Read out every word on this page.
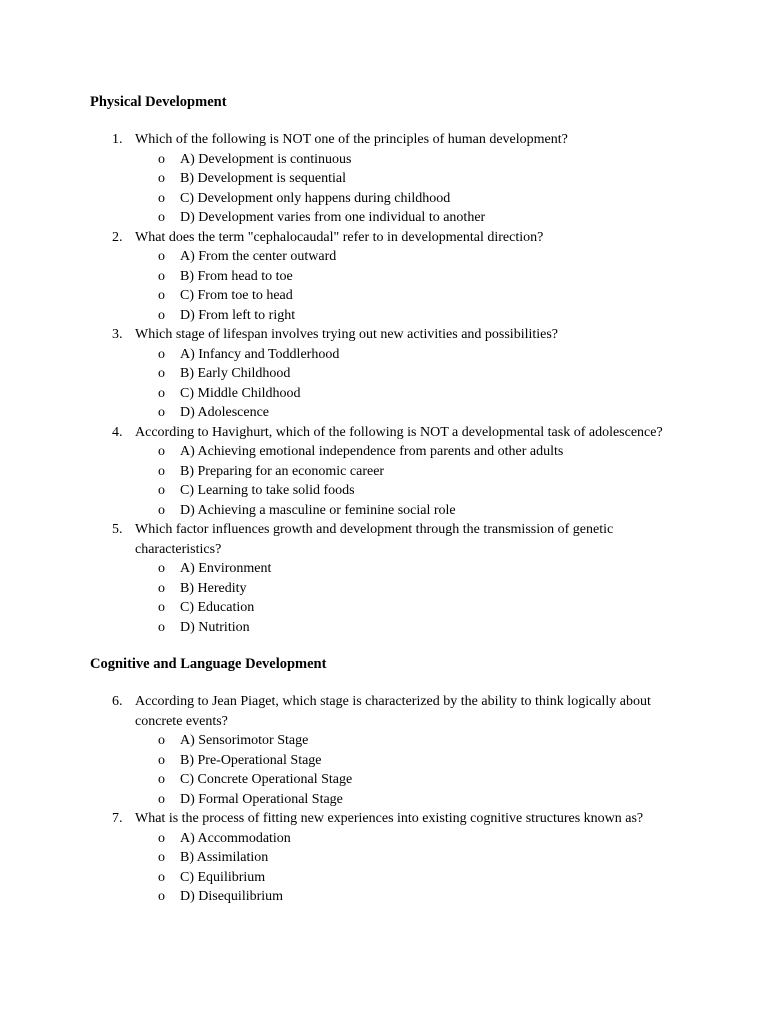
Physical Development
1. Which of the following is NOT one of the principles of human development?
o A) Development is continuous
o B) Development is sequential
o C) Development only happens during childhood
o D) Development varies from one individual to another
2. What does the term "cephalocaudal" refer to in developmental direction?
o A) From the center outward
o B) From head to toe
o C) From toe to head
o D) From left to right
3. Which stage of lifespan involves trying out new activities and possibilities?
o A) Infancy and Toddlerhood
o B) Early Childhood
o C) Middle Childhood
o D) Adolescence
4. According to Havighurt, which of the following is NOT a developmental task of adolescence?
o A) Achieving emotional independence from parents and other adults
o B) Preparing for an economic career
o C) Learning to take solid foods
o D) Achieving a masculine or feminine social role
5. Which factor influences growth and development through the transmission of genetic characteristics?
o A) Environment
o B) Heredity
o C) Education
o D) Nutrition
Cognitive and Language Development
6. According to Jean Piaget, which stage is characterized by the ability to think logically about concrete events?
o A) Sensorimotor Stage
o B) Pre-Operational Stage
o C) Concrete Operational Stage
o D) Formal Operational Stage
7. What is the process of fitting new experiences into existing cognitive structures known as?
o A) Accommodation
o B) Assimilation
o C) Equilibrium
o D) Disequilibrium
